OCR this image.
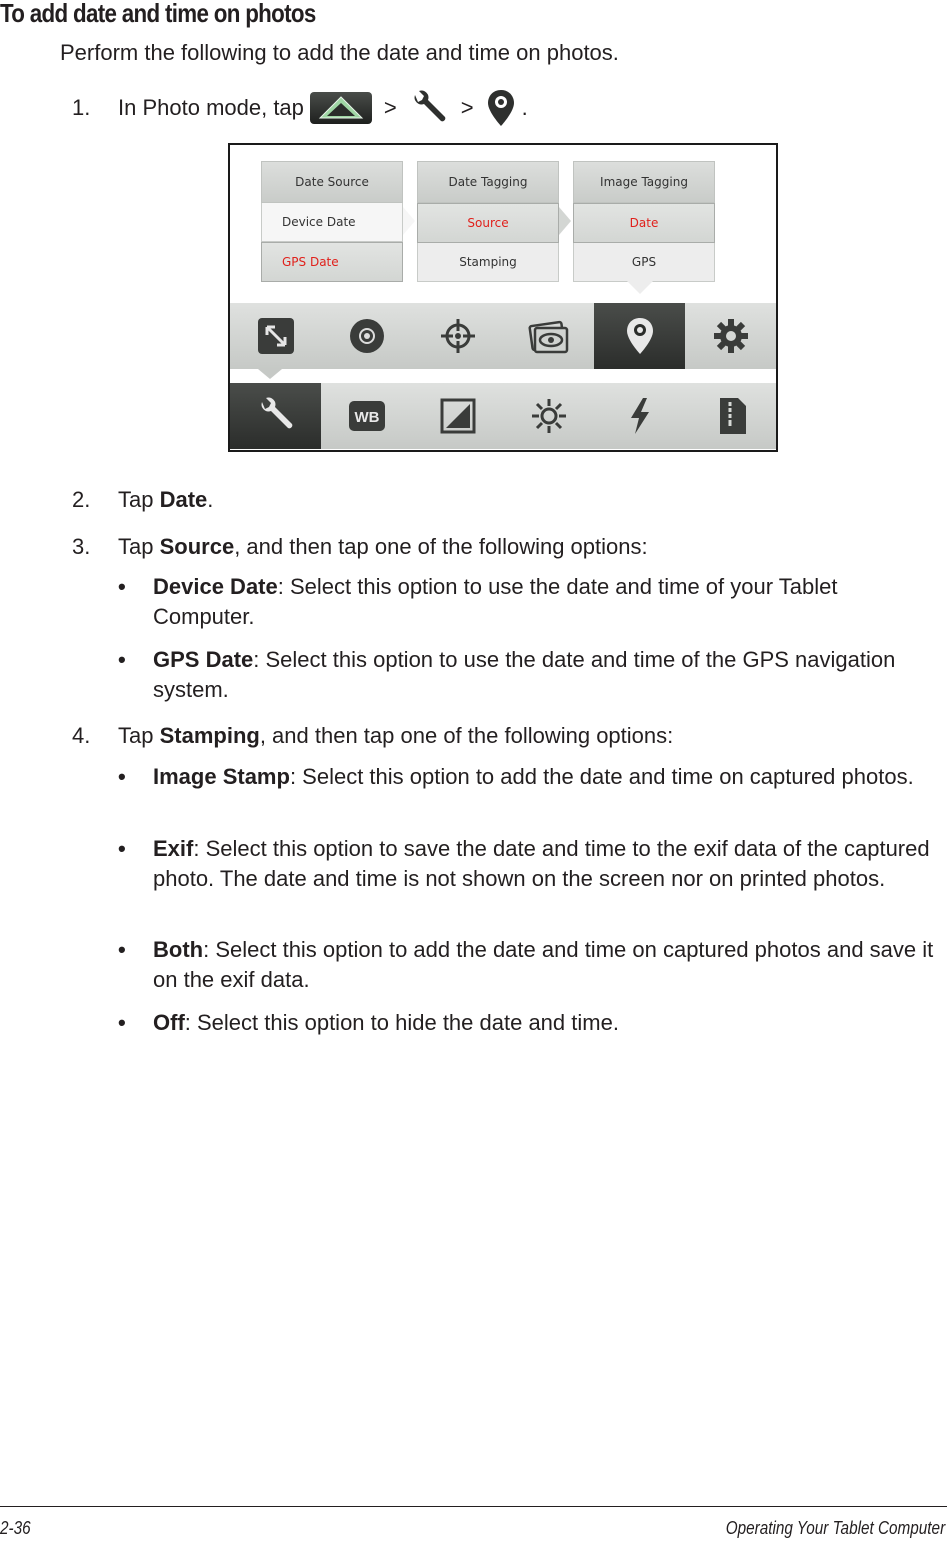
To add date and time on photos
Perform the following to add the date and time on photos.
1.	In Photo mode, tap	>	> .
Date Source
Device Date
GPS Date
Date Tagging
Source
Stamping
Image Tagging
Date
GPS
WB
2.	Tap Date.
3.	Tap Source, and then tap one of the following options:
•	Device Date: Select this option to use the date and time of your Tablet Computer.
•	GPS Date: Select this option to use the date and time of the GPS navigation system.
4.	Tap Stamping, and then tap one of the following options:
•	Image Stamp: Select this option to add the date and time on captured photos.
•	Exif: Select this option to save the date and time to the exif data of the captured photo. The date and time is not shown on the screen nor on printed photos.
•	Both: Select this option to add the date and time on captured photos and save it on the exif data.
•	Off: Select this option to hide the date and time.
2-36	Operating Your Tablet Computer
